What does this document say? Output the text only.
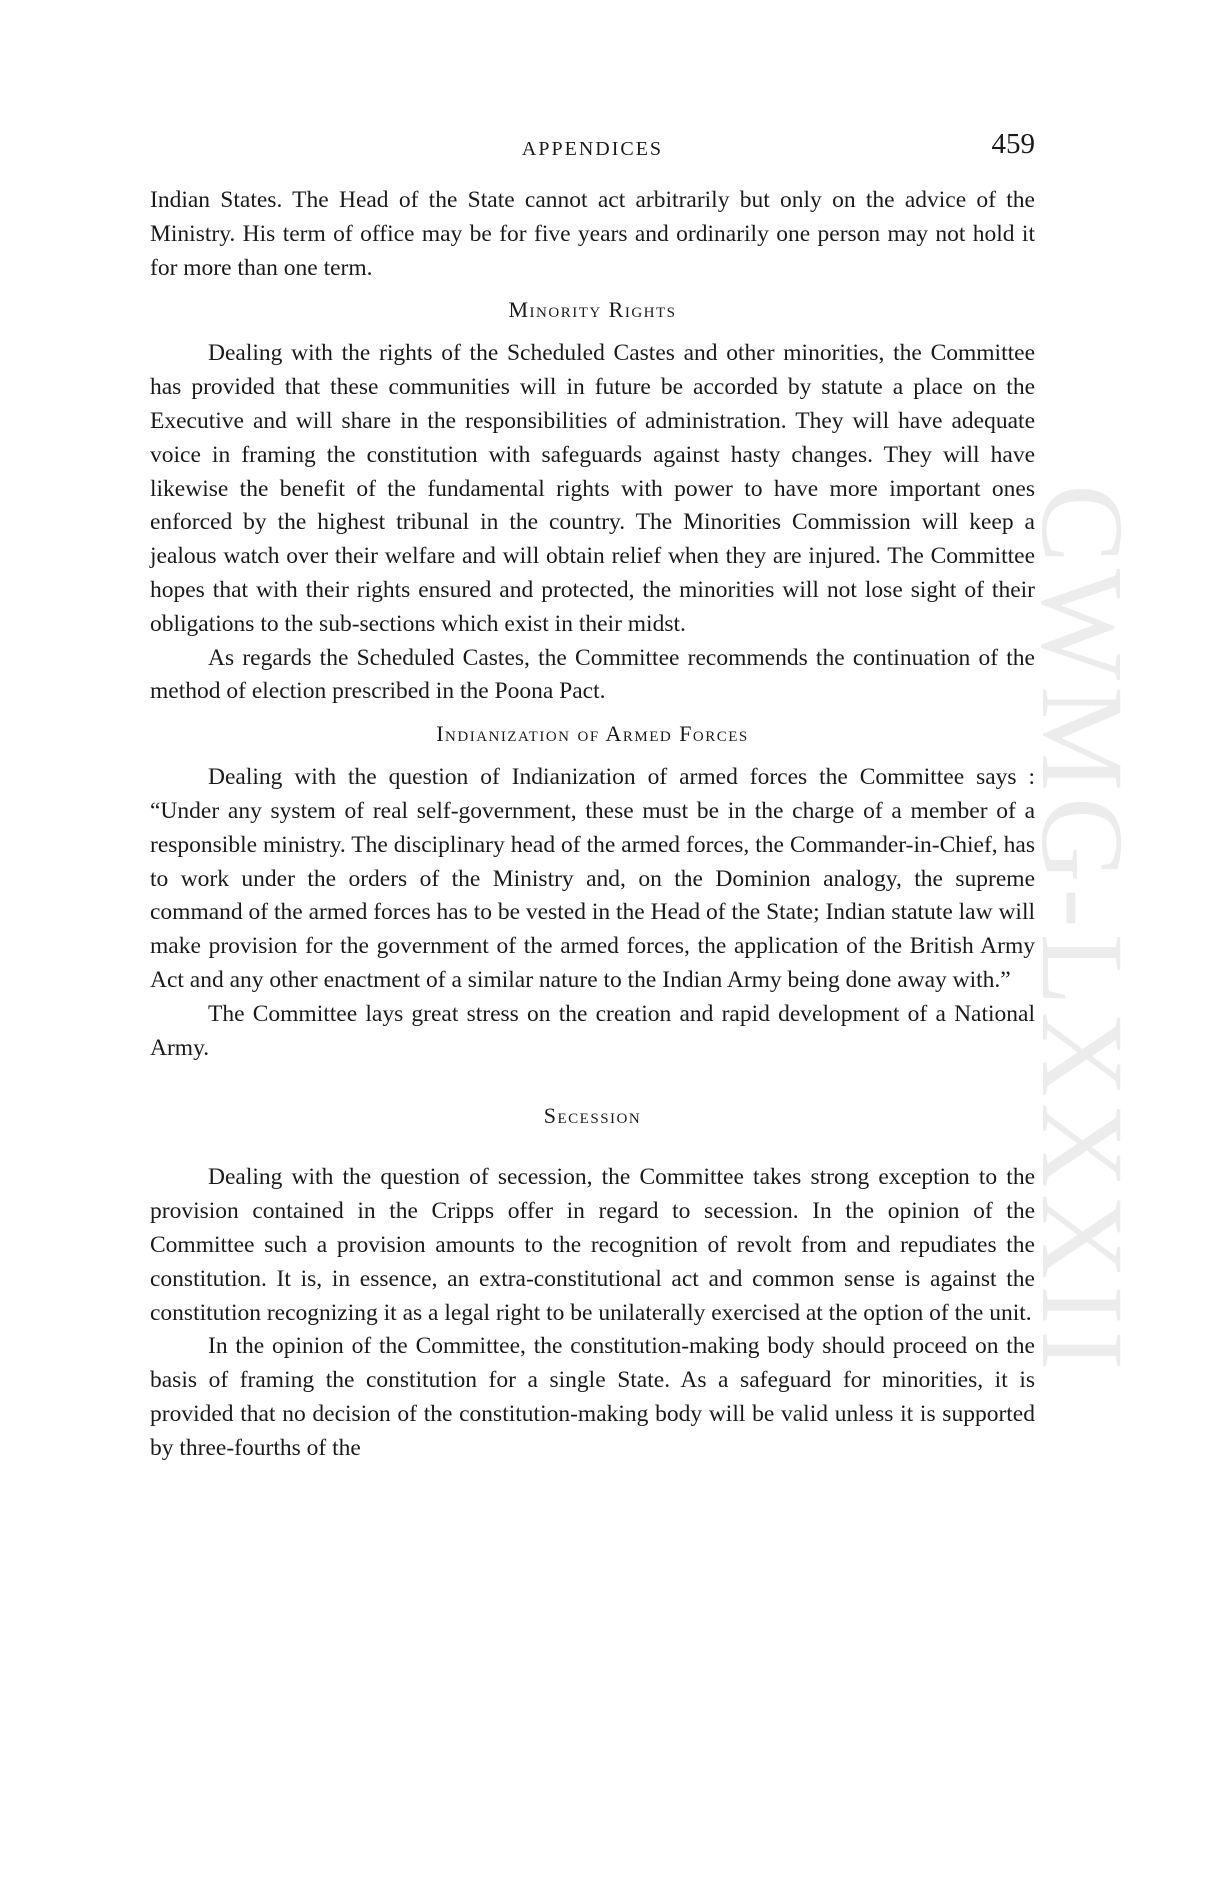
CWMG-LXXXII
APPENDICES	459

Indian States. The Head of the State cannot act arbitrarily but only on the advice of the Ministry. His term of office may be for five years and ordinarily one person may not hold it for more than one term.

Minority Rights

Dealing with the rights of the Scheduled Castes and other minorities, the Committee has provided that these communities will in future be accorded by statute a place on the Executive and will share in the responsibilities of administration. They will have adequate voice in framing the constitution with safeguards against hasty changes. They will have likewise the benefit of the fundamental rights with power to have more important ones enforced by the highest tribunal in the country. The Minorities Commission will keep a jealous watch over their welfare and will obtain relief when they are injured. The Committee hopes that with their rights ensured and protected, the minorities will not lose sight of their obligations to the sub-sections which exist in their midst.

As regards the Scheduled Castes, the Committee recommends the continuation of the method of election prescribed in the Poona Pact.

Indianization of Armed Forces

Dealing with the question of Indianization of armed forces the Committee says : “Under any system of real self-government, these must be in the charge of a member of a responsible ministry. The disciplinary head of the armed forces, the Commander-in-Chief, has to work under the orders of the Ministry and, on the Dominion analogy, the supreme command of the armed forces has to be vested in the Head of the State; Indian statute law will make provision for the government of the armed forces, the application of the British Army Act and any other enactment of a similar nature to the Indian Army being done away with.”

The Committee lays great stress on the creation and rapid development of a National Army.

Secession

Dealing with the question of secession, the Committee takes strong exception to the provision contained in the Cripps offer in regard to secession. In the opinion of the Committee such a provision amounts to the recognition of revolt from and repudiates the constitution. It is, in essence, an extra-constitutional act and common sense is against the constitution recognizing it as a legal right to be unilaterally exercised at the option of the unit.

In the opinion of the Committee, the constitution-making body should proceed on the basis of framing the constitution for a single State. As a safeguard for minorities, it is provided that no decision of the constitution-making body will be valid unless it is supported by three-fourths of the
